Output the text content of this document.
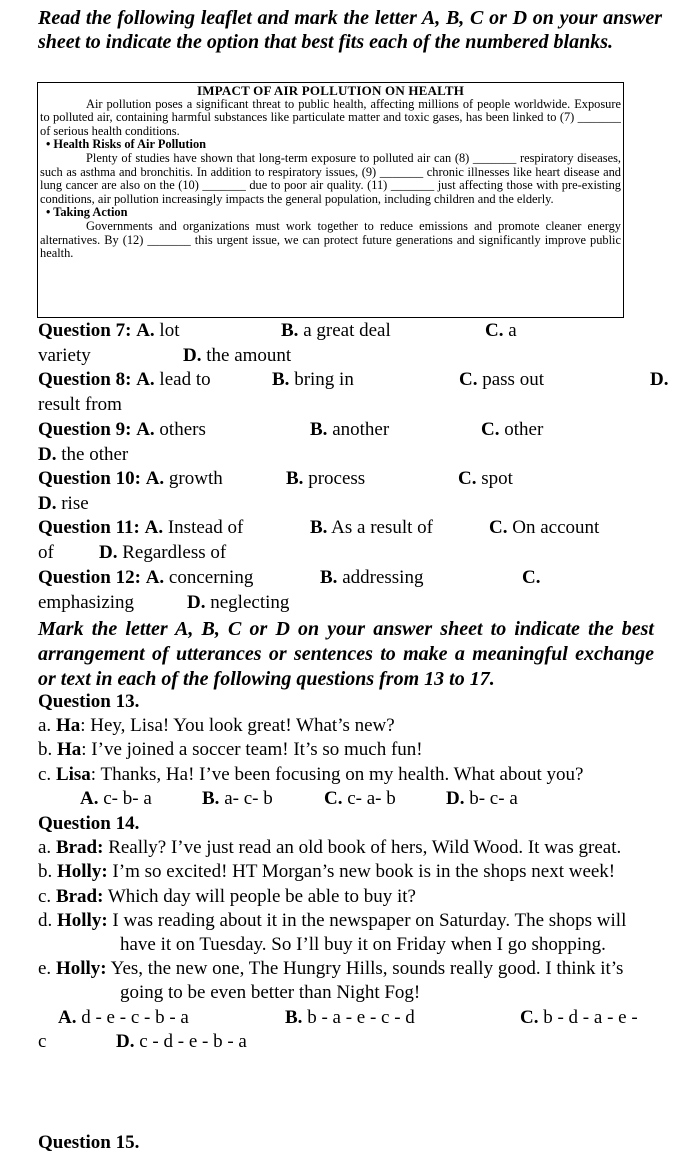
Read the following leaflet and mark the letter A, B, C or D on your answer sheet to indicate the option that best fits each of the numbered blanks.
IMPACT OF AIR POLLUTION ON HEALTH

Air pollution poses a significant threat to public health, affecting millions of people worldwide. Exposure to polluted air, containing harmful substances like particulate matter and toxic gases, has been linked to (7) _______ of serious health conditions.

• Health Risks of Air Pollution

Plenty of studies have shown that long-term exposure to polluted air can (8) _______ respiratory diseases, such as asthma and bronchitis. In addition to respiratory issues, (9) _______ chronic illnesses like heart disease and lung cancer are also on the (10) _______ due to poor air quality. (11) _______ just affecting those with pre-existing conditions, air pollution increasingly impacts the general population, including children and the elderly.

• Taking Action

Governments and organizations must work together to reduce emissions and promote cleaner energy alternatives. By (12) _______ this urgent issue, we can protect future generations and significantly improve public health.

Question 7: A. lot	B. a great deal	C. a
variety	D. the amount
Question 8: A. lead to	B. bring in	C. pass out	D.
result from
Question 9: A. others	B. another	C. other
D. the other
Question 10: A. growth	B. process	C. spot
D. rise
Question 11: A. Instead of	B. As a result of	C. On account
of D. Regardless of
Question 12: A. concerning	B. addressing	C.
emphasizing	D. neglecting
Mark the letter A, B, C or D on your answer sheet to indicate the best arrangement of utterances or sentences to make a meaningful exchange or text in each of the following questions from 13 to 17.
Question 13.
a. Ha: Hey, Lisa! You look great! What’s new?
b. Ha: I’ve joined a soccer team! It’s so much fun!
c. Lisa: Thanks, Ha! I’ve been focusing on my health. What about you?
A. c- b- a	B. a- c- b	C. c- a- b	D. b- c- a
Question 14.
a. Brad: Really? I’ve just read an old book of hers, Wild Wood. It was great.
b. Holly: I’m so excited! HT Morgan’s new book is in the shops next week!
c. Brad: Which day will people be able to buy it?
d. Holly: I was reading about it in the newspaper on Saturday. The shops will have it on Tuesday. So I’ll buy it on Friday when I go shopping.
e. Holly: Yes, the new one, The Hungry Hills, sounds really good. I think it’s going to be even better than Night Fog!
A. d - e - c - b - a	B. b - a - e - c - d	C. b - d - a - e -
c	D. c - d - e - b - a
Question 15.
